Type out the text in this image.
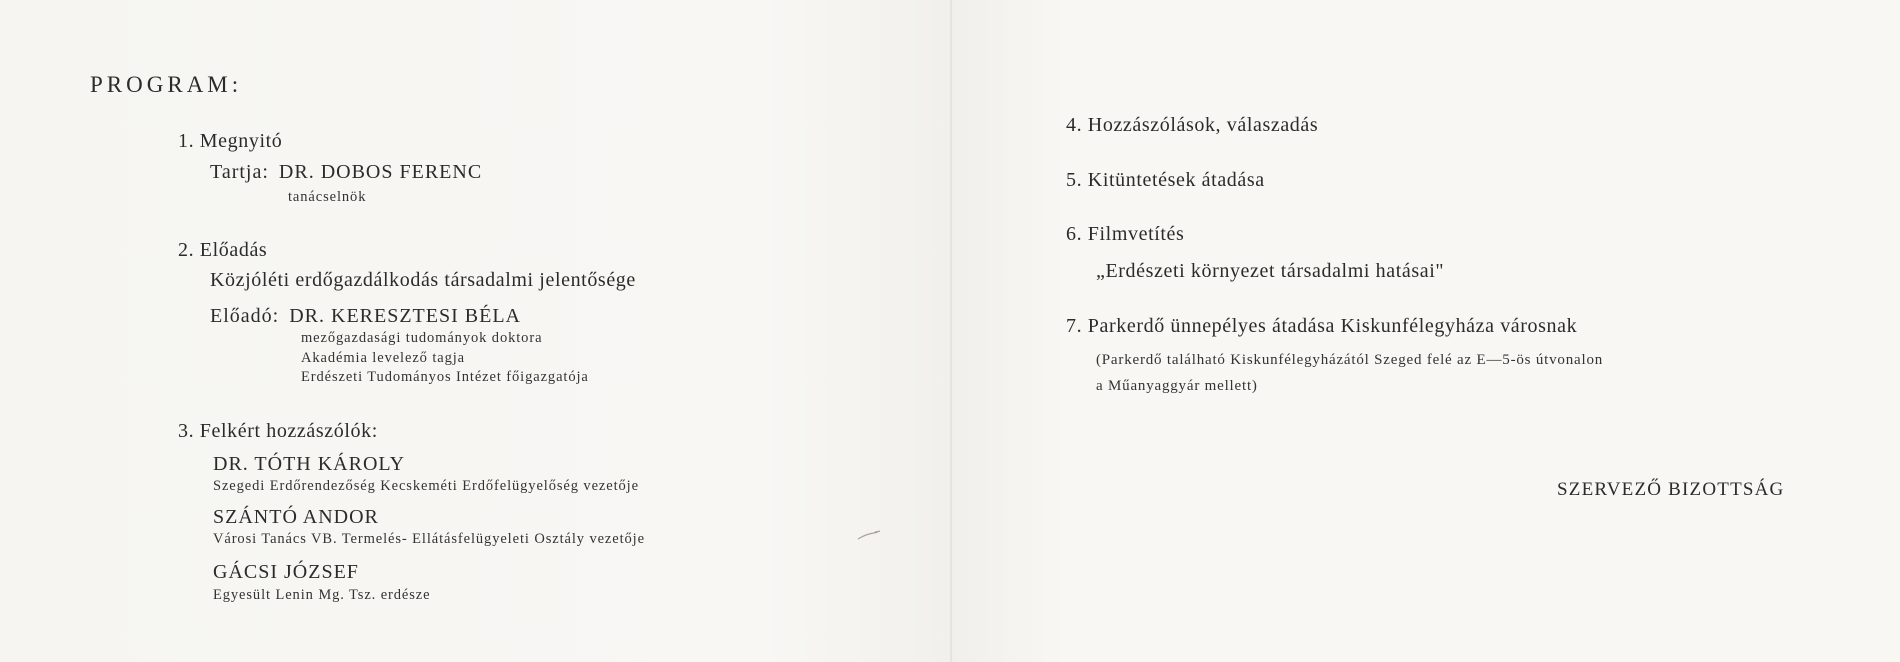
PROGRAM:
1. Megnyitó
Tartja: DR. DOBOS FERENC
tanácselnök
2. Előadás
Közjóléti erdőgazdálkodás társadalmi jelentősége
Előadó: DR. KERESZTESI BÉLA
mezőgazdasági tudományok doktora
Akadémia levelező tagja
Erdészeti Tudományos Intézet főigazgatója
3. Felkért hozzászólók:
DR. TÓTH KÁROLY
Szegedi Erdőrendezőség Kecskeméti Erdőfelügyelőség vezetője
SZÁNTÓ ANDOR
Városi Tanács VB. Termelés- Ellátásfelügyeleti Osztály vezetője
GÁCSI JÓZSEF
Egyesült Lenin Mg. Tsz. erdésze
4. Hozzászólások, válaszadás
5. Kitüntetések átadása
6. Filmvetítés
„Erdészeti környezet társadalmi hatásai"
7. Parkerdő ünnepélyes átadása Kiskunfélegyháza városnak
(Parkerdő található Kiskunfélegyházától Szeged felé az E—5-ös útvonalon
a Műanyaggyár mellett)
SZERVEZŐ BIZOTTSÁG
